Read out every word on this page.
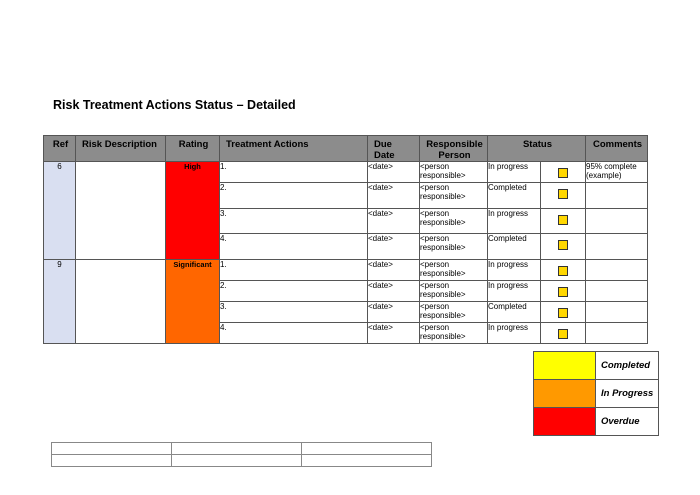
Risk Treatment Actions Status – Detailed
Ref	Risk Description	Rating	Treatment Actions	Due Date	Responsible Person	Status		Comments
6		High	1.	<date>	<person responsible>	In progress		95% complete (example)
			2.	<date>	<person responsible>	Completed		
			3.	<date>	<person responsible>	In progress		
			4.	<date>	<person responsible>	Completed		
9		Significant	1.	<date>	<person responsible>	In progress		
			2.	<date>	<person responsible>	In progress		
			3.	<date>	<person responsible>	Completed		
			4.	<date>	<person responsible>	In progress		
	Completed
	In Progress
	Overdue
